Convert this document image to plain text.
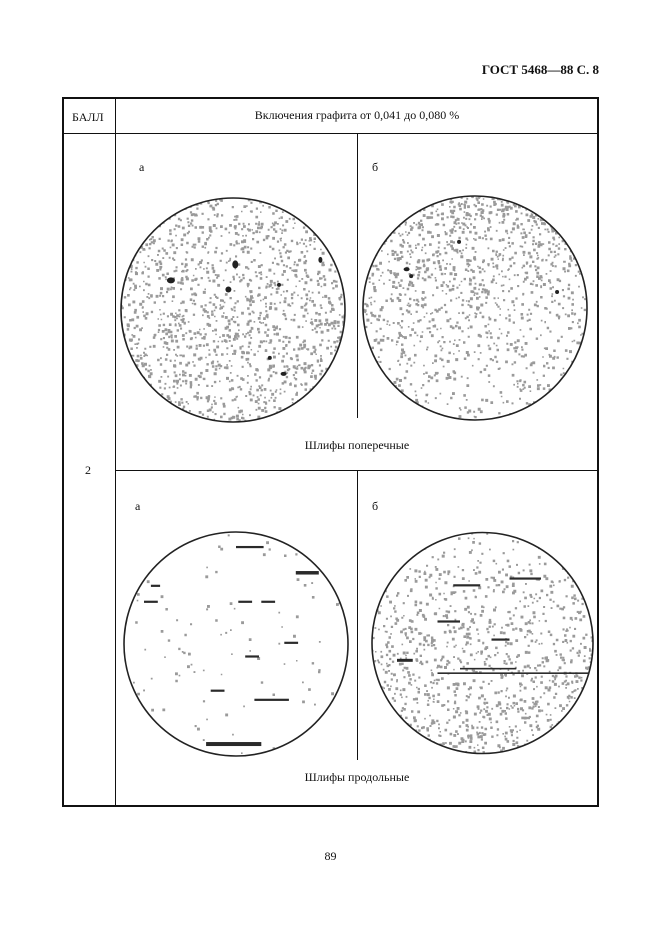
ГОСТ 5468—88 С. 8
БАЛЛ	Включения графита от 0,041 до 0,080 %
2
а	б
Шлифы поперечные
а	б
Шлифы продольные
89
